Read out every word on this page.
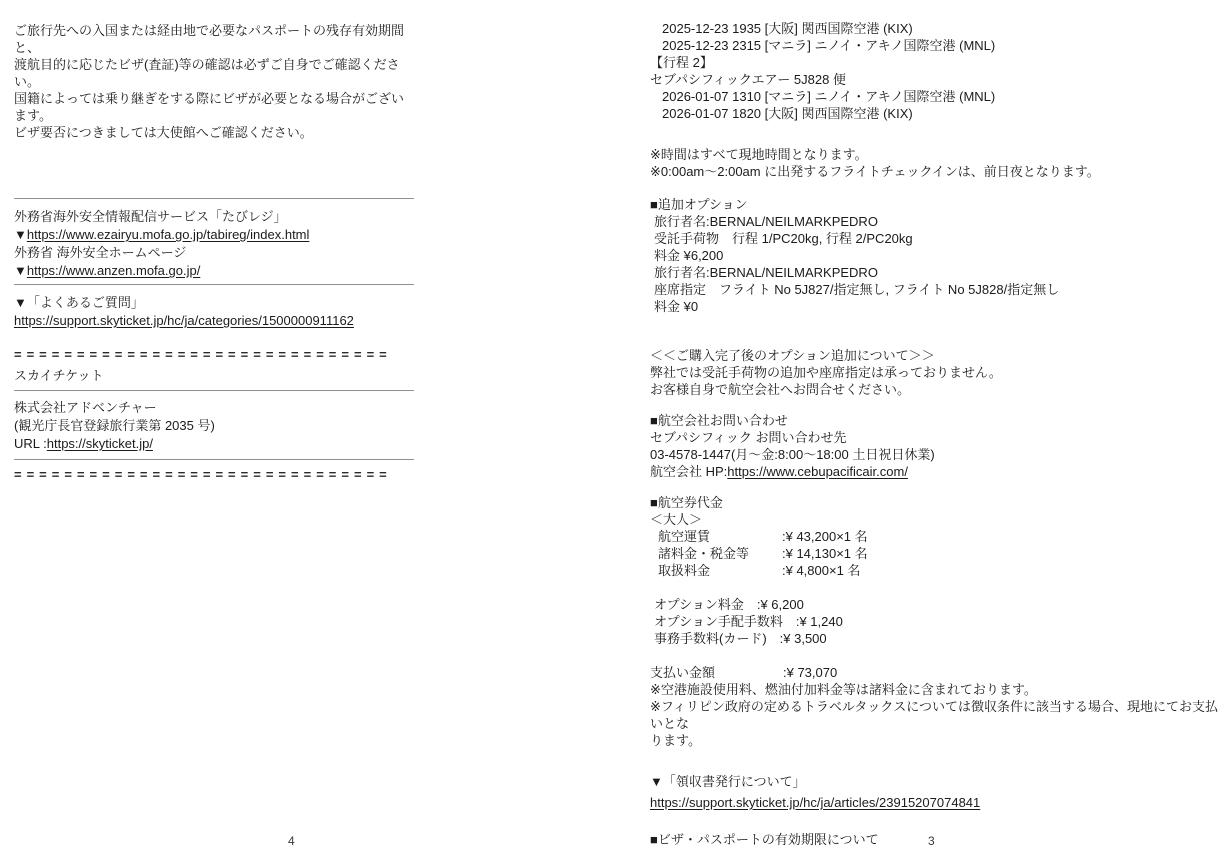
ご旅行先への入国または経由地で必要なパスポートの残存有効期間と、
渡航目的に応じたビザ(査証)等の確認は必ずご自身でご確認ください。
国籍によっては乗り継ぎをする際にビザが必要となる場合がございます。
ビザ要否につきましては大使館へご確認ください。
外務省海外安全情報配信サービス「たびレジ」
▼https://www.ezairyu.mofa.go.jp/tabireg/index.html
外務省 海外安全ホームページ
▼https://www.anzen.mofa.go.jp/
▼「よくあるご質問」
https://support.skyticket.jp/hc/ja/categories/1500000911162
==============================
スカイチケット
株式会社アドベンチャー
(観光庁長官登録旅行業第 2035 号)
URL :https://skyticket.jp/
==============================
2025-12-23 1935 [大阪] 関西国際空港 (KIX)
2025-12-23 2315 [マニラ] ニノイ・アキノ国際空港 (MNL)
【行程 2】
セブパシフィックエアー 5J828 便
2026-01-07 1310 [マニラ] ニノイ・アキノ国際空港 (MNL)
2026-01-07 1820 [大阪] 関西国際空港 (KIX)
※時間はすべて現地時間となります。
※0:00am〜2:00am に出発するフライトチェックインは、前日夜となります。
■追加オプション
旅行者名:BERNAL/NEILMARKPEDRO
受託手荷物　行程 1/PC20kg, 行程 2/PC20kg
料金 ¥6,200
旅行者名:BERNAL/NEILMARKPEDRO
座席指定　フライト No 5J827/指定無し, フライト No 5J828/指定無し
料金 ¥0
＜＜ご購入完了後のオプション追加について＞＞
弊社では受託手荷物の追加や座席指定は承っておりません。
お客様自身で航空会社へお問合せください。
■航空会社お問い合わせ
セブパシフィック お問い合わせ先
03-4578-1447(月〜金:8:00〜18:00 土日祝日休業)
航空会社 HP:https://www.cebupacificair.com/
■航空券代金
＜大人＞
航空運賃	:¥ 43,200×1 名
諸料金・税金等	:¥ 14,130×1 名
取扱料金	:¥ 4,800×1 名
オプション料金　:¥ 6,200
オプション手配手数料　:¥ 1,240
事務手数料(カード)　:¥ 3,500
支払い金額	:¥ 73,070
※空港施設使用料、燃油付加料金等は諸料金に含まれております。
※フィリピン政府の定めるトラベルタックスについては徴収条件に該当する場合、現地にてお支払いとな
ります。
▼「領収書発行について」
https://support.skyticket.jp/hc/ja/articles/23915207074841
■ビザ・パスポートの有効期限について
4	3
